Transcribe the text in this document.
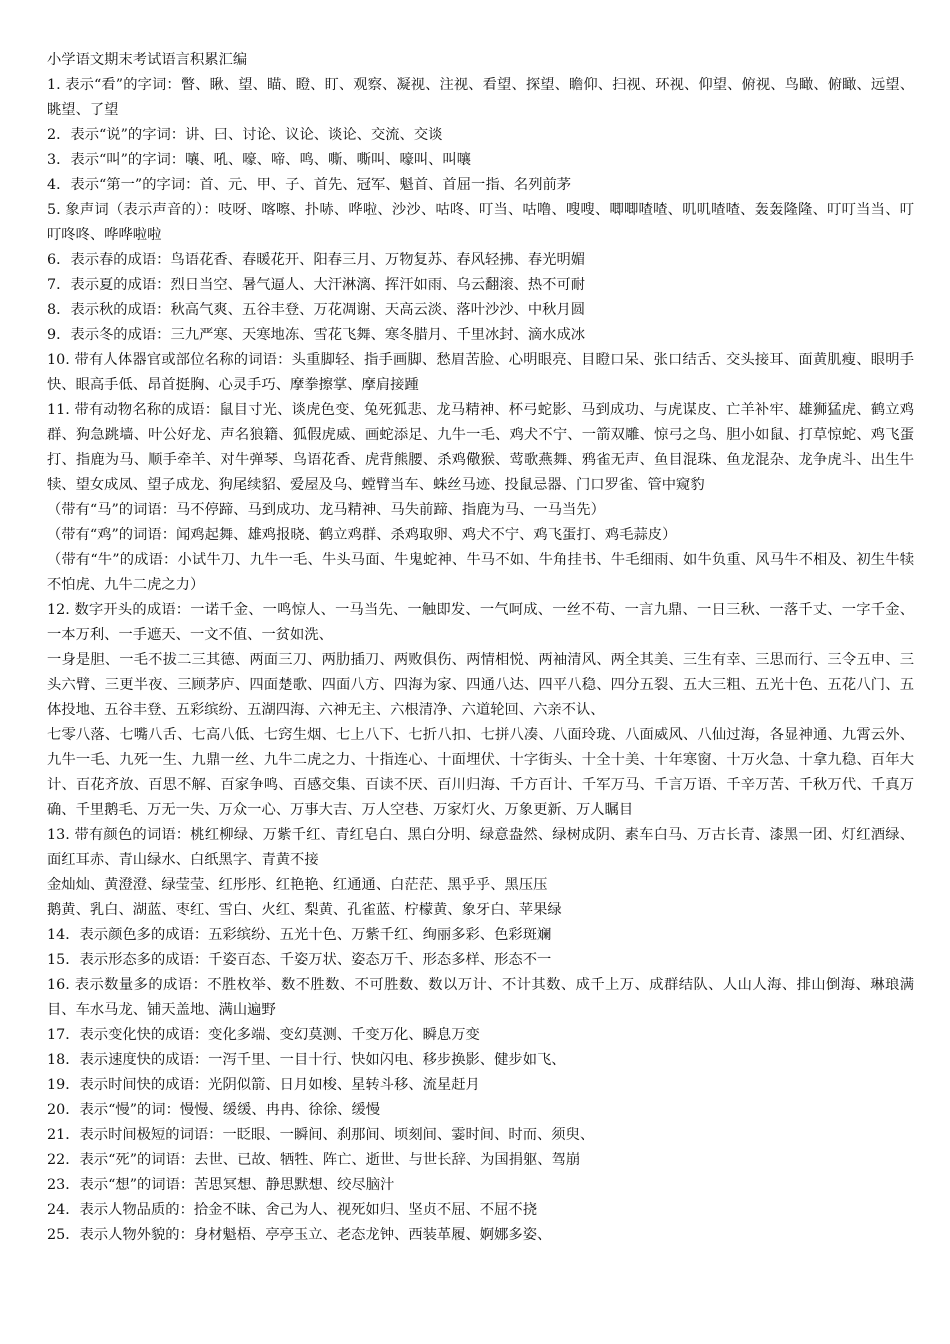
小学语文期末考试语言积累汇编

1. 表示“看”的字词：瞥、瞅、望、瞄、瞪、盯、观察、凝视、注视、看望、探望、瞻仰、扫视、环视、仰望、俯视、鸟瞰、俯瞰、远望、眺望、了望

2．表示“说”的字词：讲、曰、讨论、议论、谈论、交流、交谈

3．表示“叫”的字词：嚷、吼、嚎、啼、鸣、嘶、嘶叫、嚎叫、叫嚷

4．表示“第一”的字词：首、元、甲、子、首先、冠军、魁首、首屈一指、名列前茅

5. 象声词（表示声音的）：吱呀、喀嚓、扑哧、哗啦、沙沙、咕咚、叮当、咕噜、嗖嗖、唧唧喳喳、叽叽喳喳、轰轰隆隆、叮叮当当、叮叮咚咚、哗哗啦啦

6．表示春的成语：鸟语花香、春暖花开、阳春三月、万物复苏、春风轻拂、春光明媚

7．表示夏的成语：烈日当空、暑气逼人、大汗淋漓、挥汗如雨、乌云翻滚、热不可耐

8．表示秋的成语：秋高气爽、五谷丰登、万花凋谢、天高云淡、落叶沙沙、中秋月圆

9．表示冬的成语：三九严寒、天寒地冻、雪花飞舞、寒冬腊月、千里冰封、滴水成冰

10. 带有人体器官或部位名称的词语：头重脚轻、指手画脚、愁眉苦脸、心明眼亮、目瞪口呆、张口结舌、交头接耳、面黄肌瘦、眼明手快、眼高手低、昂首挺胸、心灵手巧、摩拳擦掌、摩肩接踵

11. 带有动物名称的成语：鼠目寸光、谈虎色变、兔死狐悲、龙马精神、杯弓蛇影、马到成功、与虎谋皮、亡羊补牢、雄狮猛虎、鹤立鸡群、狗急跳墙、叶公好龙、声名狼籍、狐假虎威、画蛇添足、九牛一毛、鸡犬不宁、一箭双雕、惊弓之鸟、胆小如鼠、打草惊蛇、鸡飞蛋打、指鹿为马、顺手牵羊、对牛弹琴、鸟语花香、虎背熊腰、杀鸡儆猴、莺歌燕舞、鸦雀无声、鱼目混珠、鱼龙混杂、龙争虎斗、出生牛犊、望女成凤、望子成龙、狗尾续貂、爱屋及乌、螳臂当车、蛛丝马迹、投鼠忌器、门口罗雀、管中窥豹

（带有“马”的词语：马不停蹄、马到成功、龙马精神、马失前蹄、指鹿为马、一马当先）

（带有“鸡”的词语：闻鸡起舞、雄鸡报晓、鹤立鸡群、杀鸡取卵、鸡犬不宁、鸡飞蛋打、鸡毛蒜皮）

（带有“牛”的成语：小试牛刀、九牛一毛、牛头马面、牛鬼蛇神、牛马不如、牛角挂书、牛毛细雨、如牛负重、风马牛不相及、初生牛犊不怕虎、九牛二虎之力）

12. 数字开头的成语：一诺千金、一鸣惊人、一马当先、一触即发、一气呵成、一丝不苟、一言九鼎、一日三秋、一落千丈、一字千金、一本万利、一手遮天、一文不值、一贫如洗、

一身是胆、一毛不拔二三其德、两面三刀、两肋插刀、两败俱伤、两情相悦、两袖清风、两全其美、三生有幸、三思而行、三令五申、三头六臂、三更半夜、三顾茅庐、四面楚歌、四面八方、四海为家、四通八达、四平八稳、四分五裂、五大三粗、五光十色、五花八门、五体投地、五谷丰登、五彩缤纷、五湖四海、六神无主、六根清净、六道轮回、六亲不认、

七零八落、七嘴八舌、七高八低、七窍生烟、七上八下、七折八扣、七拼八凑、八面玲珑、八面威风、八仙过海，各显神通、九霄云外、九牛一毛、九死一生、九鼎一丝、九牛二虎之力、十指连心、十面埋伏、十字街头、十全十美、十年寒窗、十万火急、十拿九稳、百年大计、百花齐放、百思不解、百家争鸣、百感交集、百读不厌、百川归海、千方百计、千军万马、千言万语、千辛万苦、千秋万代、千真万确、千里鹅毛、万无一失、万众一心、万事大吉、万人空巷、万家灯火、万象更新、万人瞩目

13. 带有颜色的词语：桃红柳绿、万紫千红、青红皂白、黑白分明、绿意盎然、绿树成阴、素车白马、万古长青、漆黑一团、灯红酒绿、面红耳赤、青山绿水、白纸黑字、青黄不接

金灿灿、黄澄澄、绿莹莹、红彤彤、红艳艳、红通通、白茫茫、黑乎乎、黑压压

鹅黄、乳白、湖蓝、枣红、雪白、火红、梨黄、孔雀蓝、柠檬黄、象牙白、苹果绿

14．表示颜色多的成语：五彩缤纷、五光十色、万紫千红、绚丽多彩、色彩斑斓

15．表示形态多的成语：千姿百态、千姿万状、姿态万千、形态多样、形态不一

16. 表示数量多的成语：不胜枚举、数不胜数、不可胜数、数以万计、不计其数、成千上万、成群结队、人山人海、排山倒海、琳琅满目、车水马龙、铺天盖地、满山遍野

17．表示变化快的成语：变化多端、变幻莫测、千变万化、瞬息万变

18．表示速度快的成语：一泻千里、一目十行、快如闪电、移步换影、健步如飞、

19．表示时间快的成语：光阴似箭、日月如梭、星转斗移、流星赶月

20．表示“慢”的词：慢慢、缓缓、冉冉、徐徐、缓慢

21．表示时间极短的词语：一眨眼、一瞬间、刹那间、顷刻间、霎时间、时而、须臾、

22．表示“死”的词语：去世、已故、牺牲、阵亡、逝世、与世长辞、为国捐躯、驾崩

23．表示“想”的词语：苦思冥想、静思默想、绞尽脑汁

24．表示人物品质的：拾金不昧、舍己为人、视死如归、坚贞不屈、不屈不挠

25．表示人物外貌的：身材魁梧、亭亭玉立、老态龙钟、西装革履、婀娜多姿、
